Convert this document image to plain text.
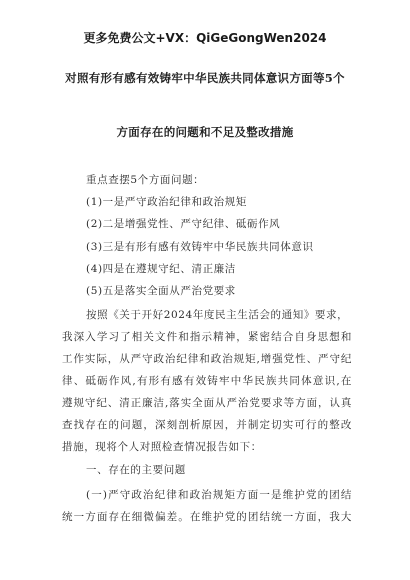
更多免费公文+VX：QiGeGongWen2024
对照有形有感有效铸牢中华民族共同体意识方面等5个
方面存在的问题和不足及整改措施
重点查摆5个方面问题：
(1)一是严守政治纪律和政治规矩
(2)二是增强党性、严守纪律、砥砺作风
(3)三是有形有感有效铸牢中华民族共同体意识
(4)四是在遵规守纪、清正廉洁
(5)五是落实全面从严治党要求
按照《关于开好2024年度民主生活会的通知》要求，
我深入学习了相关文件和指示精神，紧密结合自身思想和
工作实际，从严守政治纪律和政治规矩,增强党性、严守纪
律、砥砺作风,有形有感有效铸牢中华民族共同体意识,在
遵规守纪、清正廉洁,落实全面从严治党要求等方面，认真
查找存在的问题，深刻剖析原因，并制定切实可行的整改
措施，现将个人对照检查情况报告如下：
一、存在的主要问题
(一)严守政治纪律和政治规矩方面一是维护党的团结
统一方面存在细微偏差。在维护党的团结统一方面，我大
